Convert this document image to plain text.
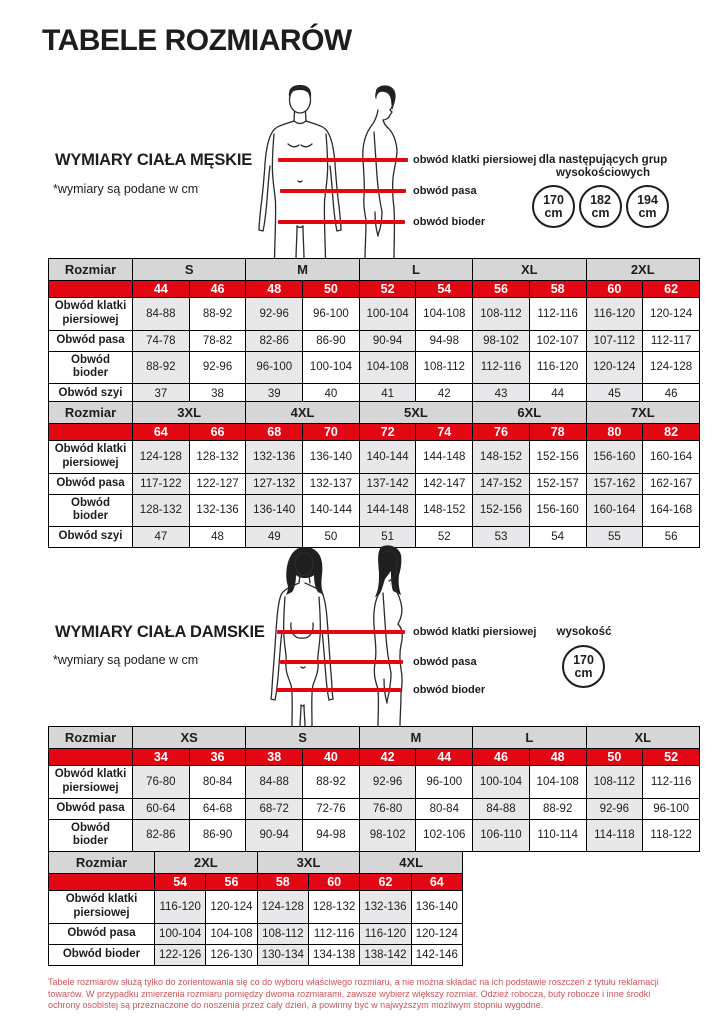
TABELE ROZMIARÓW
WYMIARY CIAŁA MĘSKIE
*wymiary są podane w cm
obwód klatki piersiowej
obwód pasa
obwód bioder
dla następujących grup wysokościowych
170
cm
182
cm
194
cm
Rozmiar	S		M		L		XL		2XL	
	44	46	48	50	52	54	56	58	60	62
Obwód klatki piersiowej	84-88	88-92	92-96	96-100	100-104	104-108	108-112	112-116	116-120	120-124
Obwód pasa	74-78	78-82	82-86	86-90	90-94	94-98	98-102	102-107	107-112	112-117
Obwód bioder	88-92	92-96	96-100	100-104	104-108	108-112	112-116	116-120	120-124	124-128
Obwód szyi	37	38	39	40	41	42	43	44	45	46
Rozmiar	3XL		4XL		5XL		6XL		7XL	
	64	66	68	70	72	74	76	78	80	82
Obwód klatki piersiowej	124-128	128-132	132-136	136-140	140-144	144-148	148-152	152-156	156-160	160-164
Obwód pasa	117-122	122-127	127-132	132-137	137-142	142-147	147-152	152-157	157-162	162-167
Obwód bioder	128-132	132-136	136-140	140-144	144-148	148-152	152-156	156-160	160-164	164-168
Obwód szyi	47	48	49	50	51	52	53	54	55	56
WYMIARY CIAŁA DAMSKIE
*wymiary są podane w cm
obwód klatki piersiowej
obwód pasa
obwód bioder
wysokość
170
cm
Rozmiar	XS		S		M		L		XL	
	34	36	38	40	42	44	46	48	50	52
Obwód klatki piersiowej	76-80	80-84	84-88	88-92	92-96	96-100	100-104	104-108	108-112	112-116
Obwód pasa	60-64	64-68	68-72	72-76	76-80	80-84	84-88	88-92	92-96	96-100
Obwód bioder	82-86	86-90	90-94	94-98	98-102	102-106	106-110	110-114	114-118	118-122
Rozmiar	2XL		3XL		4XL	
	54	56	58	60	62	64
Obwód klatki piersiowej	116-120	120-124	124-128	128-132	132-136	136-140
Obwód pasa	100-104	104-108	108-112	112-116	116-120	120-124
Obwód bioder	122-126	126-130	130-134	134-138	138-142	142-146
Tabele rozmiarów służą tylko do zorientowania się co do wyboru właściwego rozmiaru, a nie można składać na ich podstawie roszczeń z tytułu reklamacji towarów. W przypadku zmierzenia rozmiaru pomiędzy dwoma rozmiarami, zawsze wybierz większy rozmiar. Odzież robocza, buty robocze i inne środki ochrony osobistej są przeznaczone do noszenia przez cały dzień, a powinny być w najwyższym możliwym stopniu wygodne.
